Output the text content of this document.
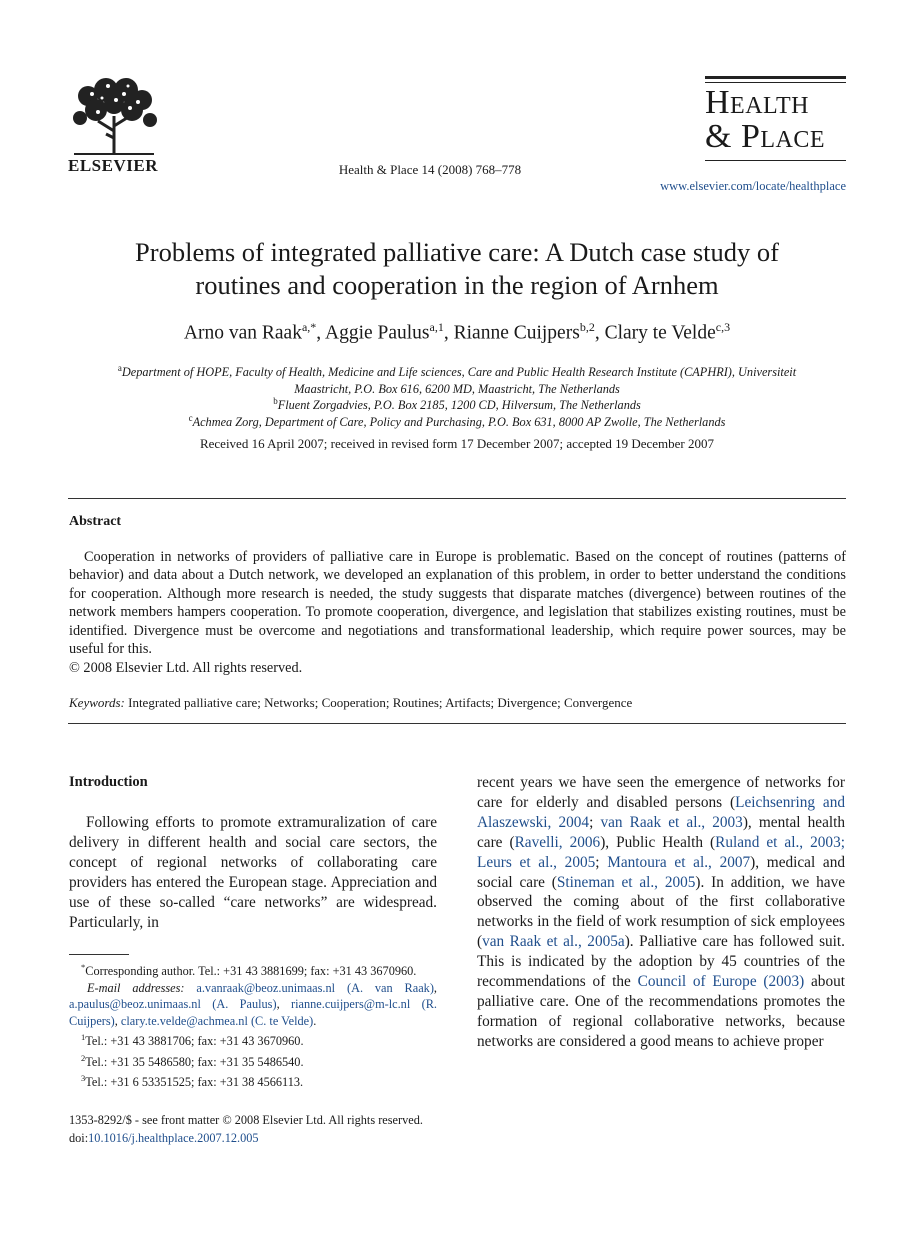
ELSEVIER	Health & Place 14 (2008) 768–778
Health
& Place
www.elsevier.com/locate/healthplace
Problems of integrated palliative care: A Dutch case study of
routines and cooperation in the region of Arnhem
Arno van Raak$^{a,*}$, Aggie Paulus$^{a,1}$, Rianne Cuijpers$^{b,2}$, Clary te Velde$^{c,3}$
$^a$Department of HOPE, Faculty of Health, Medicine and Life sciences, Care and Public Health Research Institute (CAPHRI), Universiteit
Maastricht, P.O. Box 616, 6200 MD, Maastricht, The Netherlands
$^b$Fluent Zorgadvies, P.O. Box 2185, 1200 CD, Hilversum, The Netherlands
$^c$Achmea Zorg, Department of Care, Policy and Purchasing, P.O. Box 631, 8000 AP Zwolle, The Netherlands
Received 16 April 2007; received in revised form 17 December 2007; accepted 19 December 2007
Abstract
Cooperation in networks of providers of palliative care in Europe is problematic. Based on the concept of routines (patterns of behavior) and data about a Dutch network, we developed an explanation of this problem, in order to better understand the conditions for cooperation. Although more research is needed, the study suggests that disparate matches (divergence) between routines of the network members hampers cooperation. To promote cooperation, divergence, and legislation that stabilizes existing routines, must be identified. Divergence must be overcome and negotiations and transformational leadership, which require power sources, may be useful for this.
© 2008 Elsevier Ltd. All rights reserved.
Keywords: Integrated palliative care; Networks; Cooperation; Routines; Artifacts; Divergence; Convergence
Introduction
Following efforts to promote extramuralization of care delivery in different health and social care sectors, the concept of regional networks of collaborating care providers has entered the European stage. Appreciation and use of these so-called “care networks” are widespread. Particularly, in
recent years we have seen the emergence of networks for care for elderly and disabled persons (Leichsenring and Alaszewski, 2004; van Raak et al., 2003), mental health care (Ravelli, 2006), Public Health (Ruland et al., 2003; Leurs et al., 2005; Mantoura et al., 2007), medical and social care (Stineman et al., 2005). In addition, we have observed the coming about of the first collaborative networks in the field of work resumption of sick employees (van Raak et al., 2005a). Palliative care has followed suit. This is indicated by the adoption by 45 countries of the recommendations of the Council of Europe (2003) about palliative care. One of the recommendations promotes the formation of regional collaborative networks, because networks are considered a good means to achieve proper
*Corresponding author. Tel.: +31 43 3881699; fax: +31 43 3670960.
E-mail addresses: a.vanraak@beoz.unimaas.nl (A. van Raak), a.paulus@beoz.unimaas.nl (A. Paulus), rianne.cuijpers@m-lc.nl (R. Cuijpers), clary.te.velde@achmea.nl (C. te Velde).
$^1$Tel.: +31 43 3881706; fax: +31 43 3670960.
$^2$Tel.: +31 35 5486580; fax: +31 35 5486540.
$^3$Tel.: +31 6 53351525; fax: +31 38 4566113.
1353-8292/$ - see front matter © 2008 Elsevier Ltd. All rights reserved.
doi:10.1016/j.healthplace.2007.12.005
